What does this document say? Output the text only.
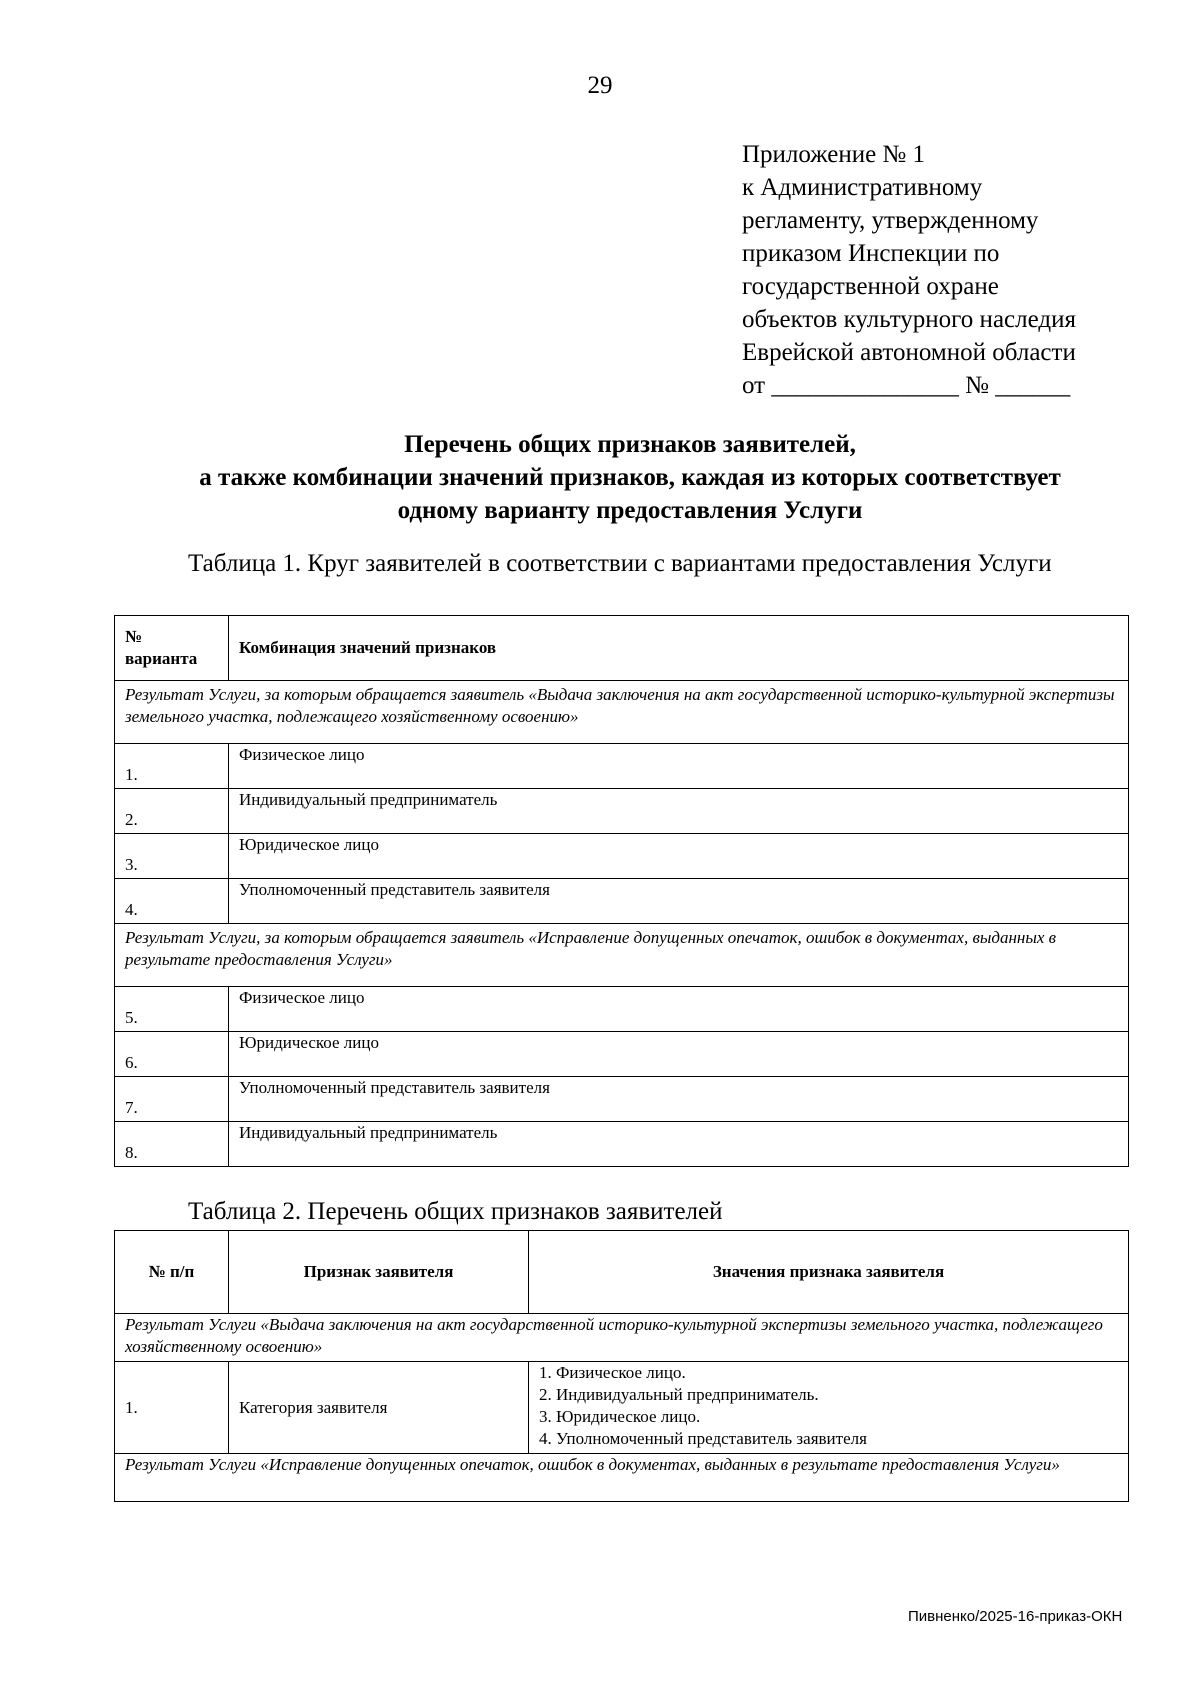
29
Приложение № 1
к Административному
регламенту, утвержденному
приказом Инспекции по
государственной охране
объектов культурного наследия
Еврейской автономной области
от _______________ № ______
Перечень общих признаков заявителей,
а также комбинации значений признаков, каждая из которых соответствует
одному варианту предоставления Услуги
Таблица 1. Круг заявителей в соответствии с вариантами предоставления Услуги
№ варианта	Комбинация значений признаков
Результат Услуги, за которым обращается заявитель «Выдача заключения на акт государственной историко-культурной экспертизы земельного участка, подлежащего хозяйственному освоению»	
1.	Физическое лицо
2.	Индивидуальный предприниматель
3.	Юридическое лицо
4.	Уполномоченный представитель заявителя
Результат Услуги, за которым обращается заявитель «Исправление допущенных опечаток, ошибок в документах, выданных в результате предоставления Услуги»	
5.	Физическое лицо
6.	Юридическое лицо
7.	Уполномоченный представитель заявителя
8.	Индивидуальный предприниматель
Таблица 2. Перечень общих признаков заявителей
№ п/п	Признак заявителя	Значения признака заявителя
Результат Услуги «Выдача заключения на акт государственной историко-культурной экспертизы земельного участка, подлежащего хозяйственному освоению»		
1.	Категория заявителя	1. Физическое лицо.
2. Индивидуальный предприниматель.
3. Юридическое лицо.
4. Уполномоченный представитель заявителя

Результат Услуги «Исправление допущенных опечаток, ошибок в документах, выданных в результате предоставления Услуги»		
Пивненко/2025-16-приказ-ОКН
